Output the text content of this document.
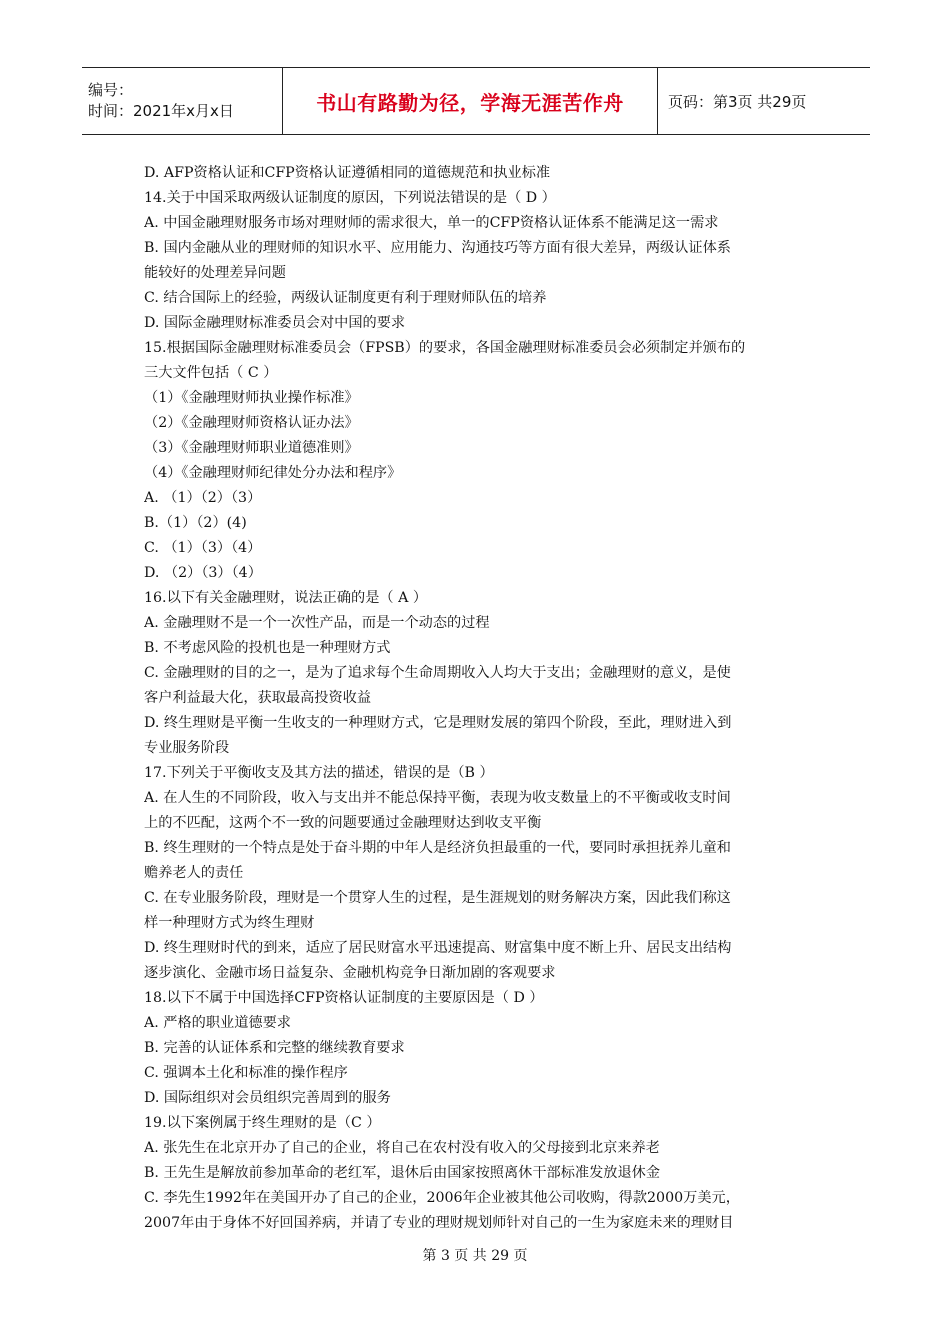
编号：
时间：2021年x月x日	书山有路勤为径，学海无涯苦作舟	页码：第3页 共29页
D. AFP资格认证和CFP资格认证遵循相同的道德规范和执业标准
14.关于中国采取两级认证制度的原因，下列说法错误的是（ D ）
A. 中国金融理财服务市场对理财师的需求很大，单一的CFP资格认证体系不能满足这一需求
B. 国内金融从业的理财师的知识水平、应用能力、沟通技巧等方面有很大差异，两级认证体系
能较好的处理差异问题
C. 结合国际上的经验，两级认证制度更有利于理财师队伍的培养
D. 国际金融理财标准委员会对中国的要求
15.根据国际金融理财标准委员会（FPSB）的要求，各国金融理财标准委员会必须制定并颁布的
三大文件包括（ C ）
（1）《金融理财师执业操作标准》
（2）《金融理财师资格认证办法》
（3）《金融理财师职业道德准则》
（4）《金融理财师纪律处分办法和程序》
A. （1）（2）（3）
B.（1）（2）(4)
C. （1）（3）（4）
D. （2）（3）（4）
16.以下有关金融理财，说法正确的是（ A ）
A. 金融理财不是一个一次性产品，而是一个动态的过程
B. 不考虑风险的投机也是一种理财方式
C. 金融理财的目的之一，是为了追求每个生命周期收入人均大于支出；金融理财的意义，是使
客户利益最大化，获取最高投资收益
D. 终生理财是平衡一生收支的一种理财方式，它是理财发展的第四个阶段，至此，理财进入到
专业服务阶段
17.下列关于平衡收支及其方法的描述，错误的是（B ）
A. 在人生的不同阶段，收入与支出并不能总保持平衡，表现为收支数量上的不平衡或收支时间
上的不匹配，这两个不一致的问题要通过金融理财达到收支平衡
B. 终生理财的一个特点是处于奋斗期的中年人是经济负担最重的一代，要同时承担抚养儿童和
赡养老人的责任
C. 在专业服务阶段，理财是一个贯穿人生的过程，是生涯规划的财务解决方案，因此我们称这
样一种理财方式为终生理财
D. 终生理财时代的到来，适应了居民财富水平迅速提高、财富集中度不断上升、居民支出结构
逐步演化、金融市场日益复杂、金融机构竞争日渐加剧的客观要求
18.以下不属于中国选择CFP资格认证制度的主要原因是（ D ）
A. 严格的职业道德要求
B. 完善的认证体系和完整的继续教育要求
C. 强调本土化和标准的操作程序
D. 国际组织对会员组织完善周到的服务
19.以下案例属于终生理财的是（C ）
A. 张先生在北京开办了自己的企业，将自己在农村没有收入的父母接到北京来养老
B. 王先生是解放前参加革命的老红军，退休后由国家按照离休干部标准发放退休金
C. 李先生1992年在美国开办了自己的企业，2006年企业被其他公司收购，得款2000万美元，
2007年由于身体不好回国养病，并请了专业的理财规划师针对自己的一生为家庭未来的理财目
第 3 页 共 29 页
